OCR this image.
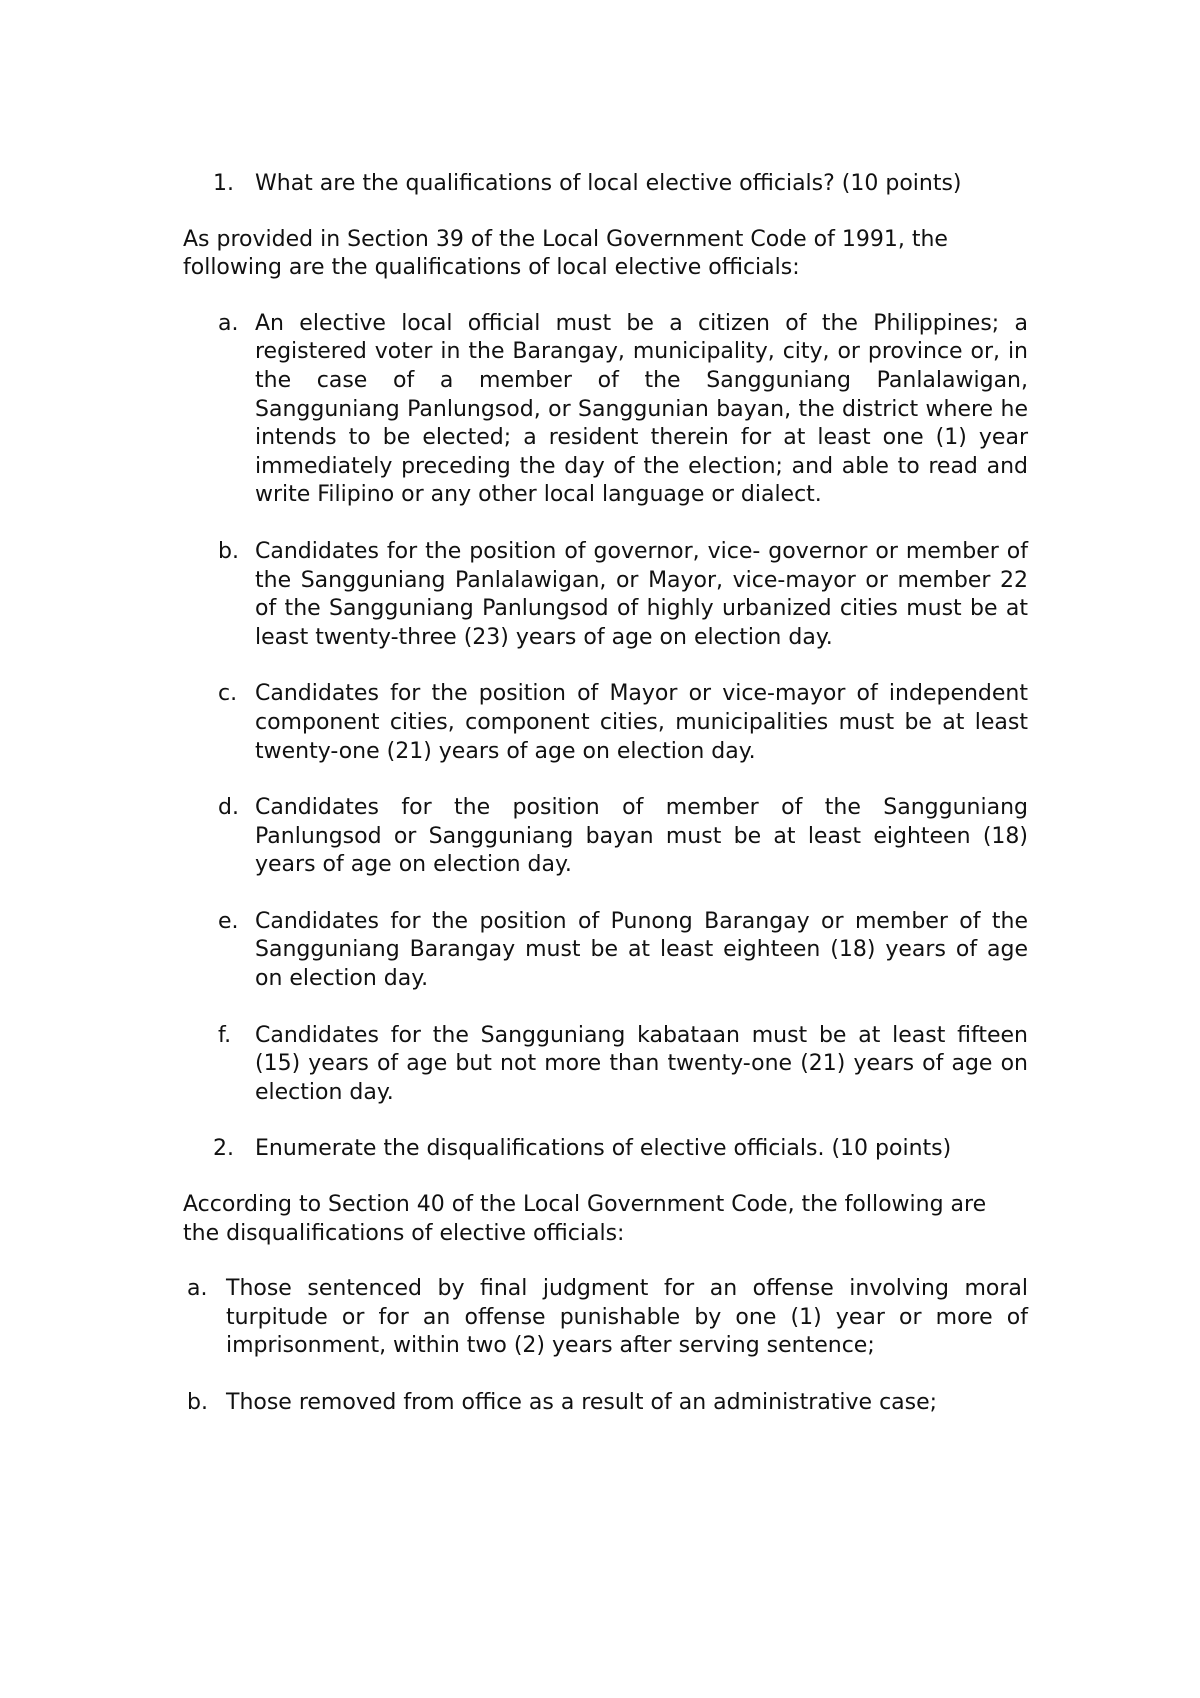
1. What are the qualifications of local elective officials? (10 points)
As provided in Section 39 of the Local Government Code of 1991, the following are the qualifications of local elective officials:
a. An elective local official must be a citizen of the Philippines; a registered voter in the Barangay, municipality, city, or province or, in the case of a member of the Sangguniang Panlalawigan, Sangguniang Panlungsod, or Sanggunian bayan, the district where he intends to be elected; a resident therein for at least one (1) year immediately preceding the day of the election; and able to read and write Filipino or any other local language or dialect.
b. Candidates for the position of governor, vice- governor or member of the Sangguniang Panlalawigan, or Mayor, vice-mayor or member 22 of the Sangguniang Panlungsod of highly urbanized cities must be at least twenty-three (23) years of age on election day.
c. Candidates for the position of Mayor or vice-mayor of independent component cities, component cities, municipalities must be at least twenty-one (21) years of age on election day.
d. Candidates for the position of member of the Sangguniang Panlungsod or Sangguniang bayan must be at least eighteen (18) years of age on election day.
e. Candidates for the position of Punong Barangay or member of the Sangguniang Barangay must be at least eighteen (18) years of age on election day.
f.	Candidates for the Sangguniang kabataan must be at least fifteen (15) years of age but not more than twenty-one (21) years of age on election day.
2. Enumerate the disqualifications of elective officials. (10 points)
According to Section 40 of the Local Government Code, the following are the disqualifications of elective officials:
a. Those sentenced by final judgment for an offense involving moral turpitude or for an offense punishable by one (1) year or more of imprisonment, within two (2) years after serving sentence;
b. Those removed from office as a result of an administrative case;
